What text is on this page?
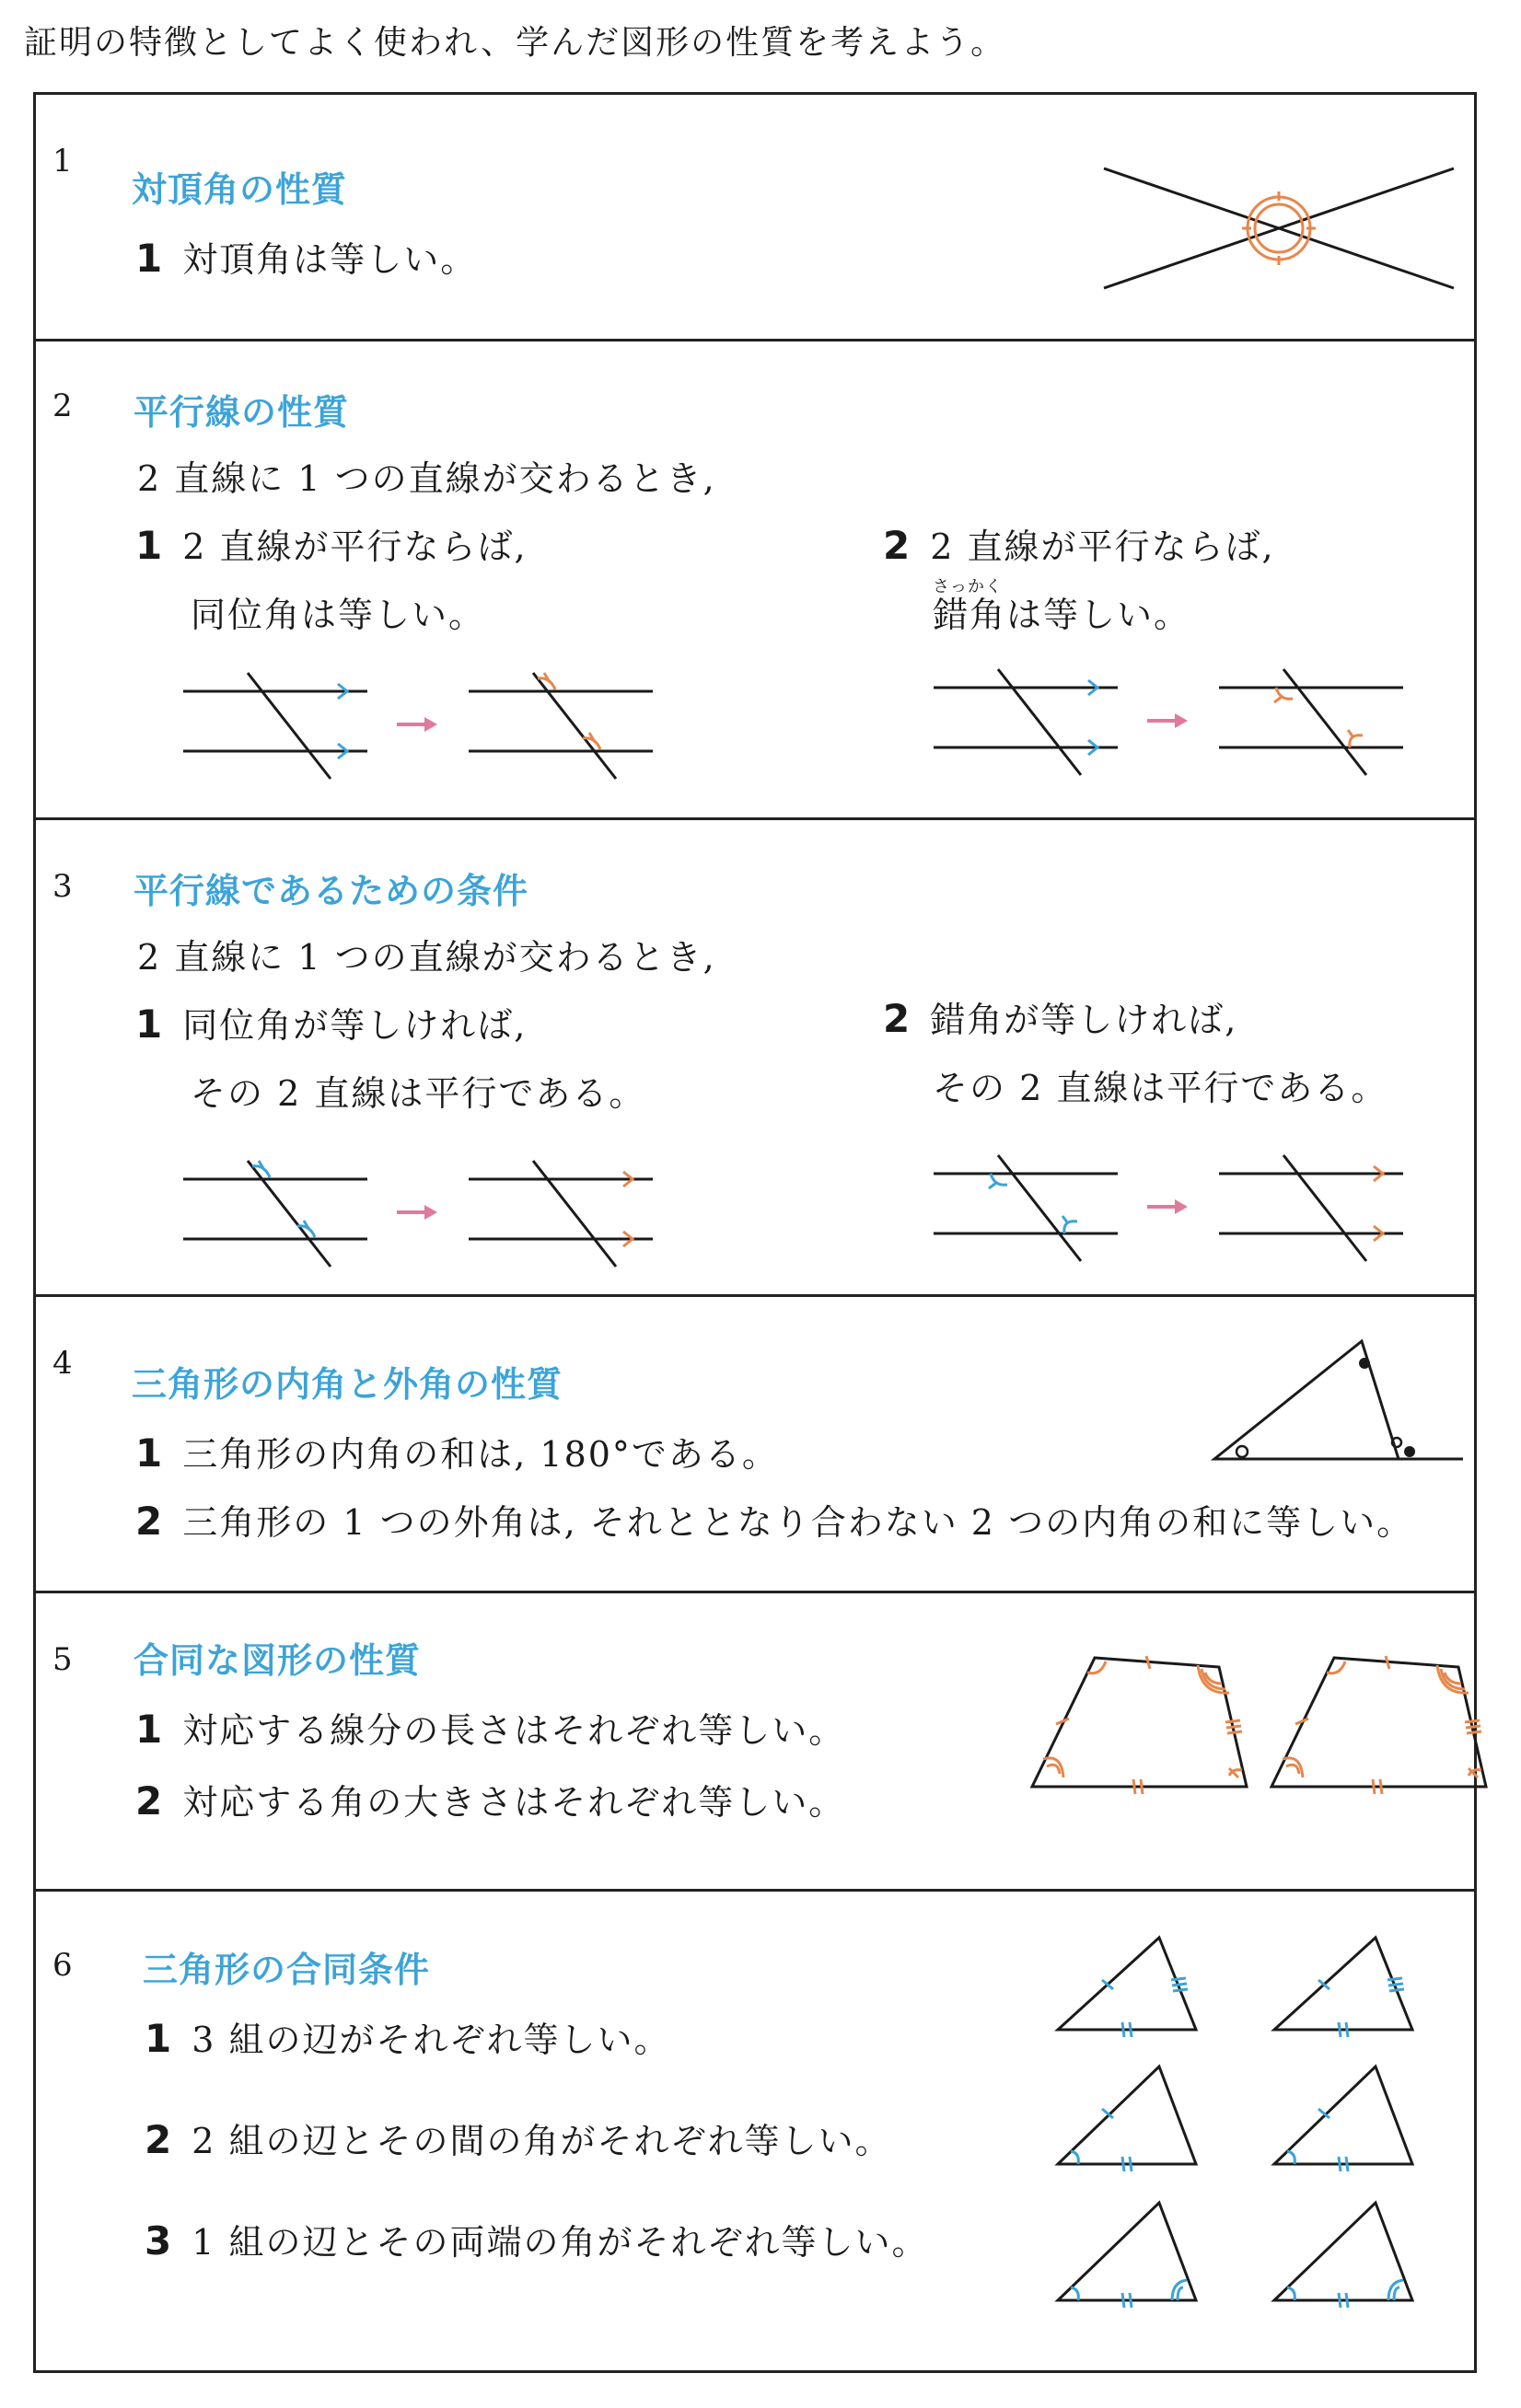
証明の特徴としてよく使われ、学んだ図形の性質を考えよう。
1
対頂角の性質
1 対頂角は等しい。
2 平行線の性質
2 直線に 1 つの直線が交わるとき,
1 2 直線が平行ならば,
同位角は等しい。
2 2 直線が平行ならば,
さっかく
錯角は等しい。
3 平行線であるための条件
2 直線に 1 つの直線が交わるとき,
1 同位角が等しければ,
その 2 直線は平行である。
2 錯角が等しければ,
その 2 直線は平行である。
4
三角形の内角と外角の性質
1 三角形の内角の和は, 180°である。
2 三角形の 1 つの外角は, それととなり合わない 2 つの内角の和に等しい。
5 合同な図形の性質
1 対応する線分の長さはそれぞれ等しい。
2 対応する角の大きさはそれぞれ等しい。
6 三角形の合同条件
1 3 組の辺がそれぞれ等しい。
2 2 組の辺とその間の角がそれぞれ等しい。
3 1 組の辺とその両端の角がそれぞれ等しい。
